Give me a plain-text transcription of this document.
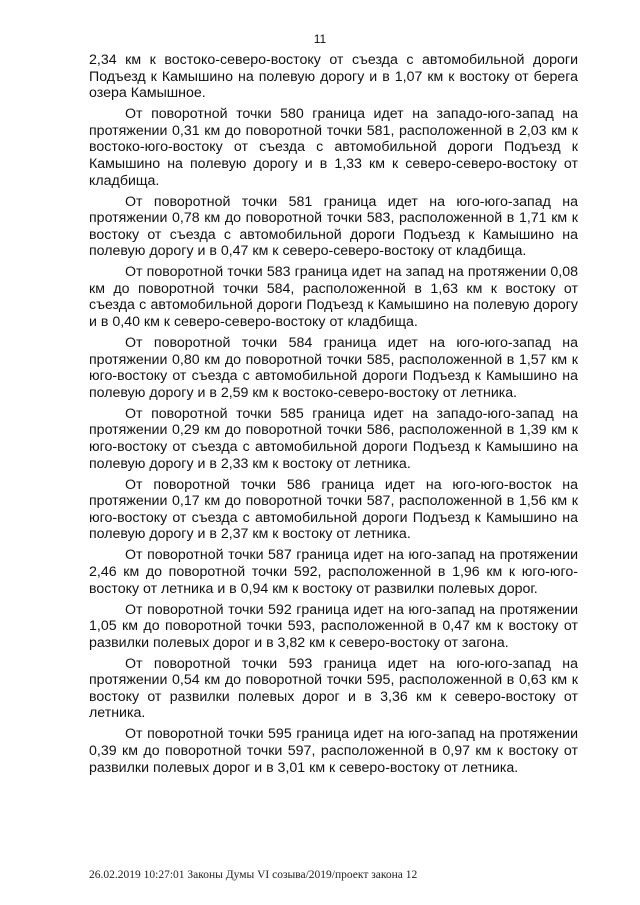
11

2,34 км к востоко-северо-востоку от съезда с автомобильной дороги Подъезд к Камышино на полевую дорогу и в 1,07 км к востоку от берега озера Камышное.

От поворотной точки 580 граница идет на западо-юго-запад на протяжении 0,31 км до поворотной точки 581, расположенной в 2,03 км к востоко-юго-востоку от съезда с автомобильной дороги Подъезд к Камышино на полевую дорогу и в 1,33 км к северо-северо-востоку от кладбища.

От поворотной точки 581 граница идет на юго-юго-запад на протяжении 0,78 км до поворотной точки 583, расположенной в 1,71 км к востоку от съезда с автомобильной дороги Подъезд к Камышино на полевую дорогу и в 0,47 км к северо-северо-востоку от кладбища.

От поворотной точки 583 граница идет на запад на протяжении 0,08 км до поворотной точки 584, расположенной в 1,63 км к востоку от съезда с автомобильной дороги Подъезд к Камышино на полевую дорогу и в 0,40 км к северо-северо-востоку от кладбища.

От поворотной точки 584 граница идет на юго-юго-запад на протяжении 0,80 км до поворотной точки 585, расположенной в 1,57 км к юго-востоку от съезда с автомобильной дороги Подъезд к Камышино на полевую дорогу и в 2,59 км к востоко-северо-востоку от летника.

От поворотной точки 585 граница идет на западо-юго-запад на протяжении 0,29 км до поворотной точки 586, расположенной в 1,39 км к юго-востоку от съезда с автомобильной дороги Подъезд к Камышино на полевую дорогу и в 2,33 км к востоку от летника.

От поворотной точки 586 граница идет на юго-юго-восток на протяжении 0,17 км до поворотной точки 587, расположенной в 1,56 км к юго-востоку от съезда с автомобильной дороги Подъезд к Камышино на полевую дорогу и в 2,37 км к востоку от летника.

От поворотной точки 587 граница идет на юго-запад на протяжении 2,46 км до поворотной точки 592, расположенной в 1,96 км к юго-юго-востоку от летника и в 0,94 км к востоку от развилки полевых дорог.

От поворотной точки 592 граница идет на юго-запад на протяжении 1,05 км до поворотной точки 593, расположенной в 0,47 км к востоку от развилки полевых дорог и в 3,82 км к северо-востоку от загона.

От поворотной точки 593 граница идет на юго-юго-запад на протяжении 0,54 км до поворотной точки 595, расположенной в 0,63 км к востоку от развилки полевых дорог и в 3,36 км к северо-востоку от летника.

От поворотной точки 595 граница идет на юго-запад на протяжении 0,39 км до поворотной точки 597, расположенной в 0,97 км к востоку от развилки полевых дорог и в 3,01 км к северо-востоку от летника.

26.02.2019 10:27:01 Законы Думы VI созыва/2019/проект закона 12
